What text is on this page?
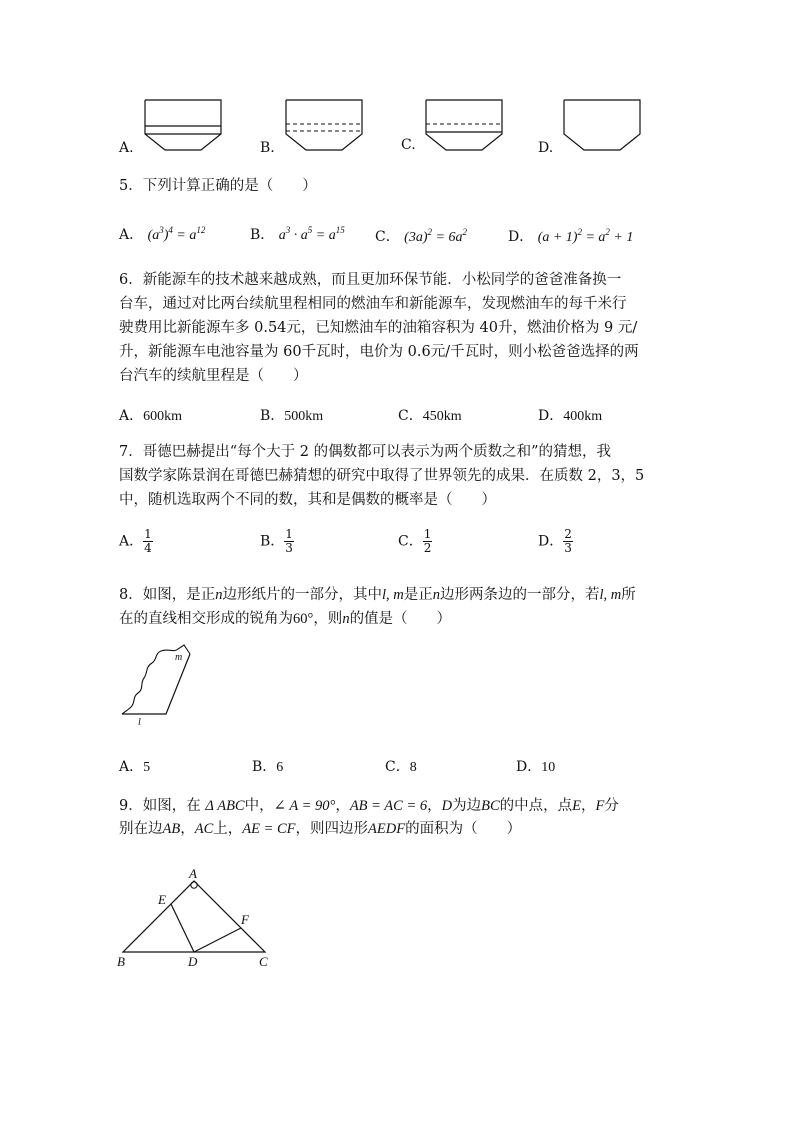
A.	B.	C.	D.
5．下列计算正确的是（　　）
A． $(a^3)^4 = a^{12}$	B． $a^3 \cdot a^5 = a^{15}$ C． $(3a)^2 = 6a^2$	D． $(a + 1)^2 = a^2 + 1$
6．新能源车的技术越来越成熟，而且更加环保节能．小松同学的爸爸准备换一
台车，通过对比两台续航里程相同的燃油车和新能源车，发现燃油车的每千米行
驶费用比新能源车多 0.54元，已知燃油车的油箱容积为 40升，燃油价格为 9 元/
升，新能源车电池容量为 60千瓦时，电价为 0.6元/千瓦时，则小松爸爸选择的两
台汽车的续航里程是（　　）
A．600km	B．500km	C．450km	D．400km
7．哥德巴赫提出“每个大于 2 的偶数都可以表示为两个质数之和”的猜想，我
国数学家陈景润在哥德巴赫猜想的研究中取得了世界领先的成果．在质数 2，3，5
中，随机选取两个不同的数，其和是偶数的概率是（　　）
A． $\frac{1}{4}$	B． $\frac{1}{3}$	C． $\frac{1}{2}$	D． $\frac{2}{3}$
8．如图，是正n边形纸片的一部分，其中l, m是正n边形两条边的一部分，若l, m所
在的直线相交形成的锐角为60°，则n的值是（　　）
m
l
A．5	B．6	C．8	D．10
9．如图，在 Δ ABC中，∠ A = 90°，AB = AC = 6，D为边BC的中点，点E，F分
别在边AB，AC上，AE = CF，则四边形AEDF的面积为（　　）
A
B	C
D
E
F
